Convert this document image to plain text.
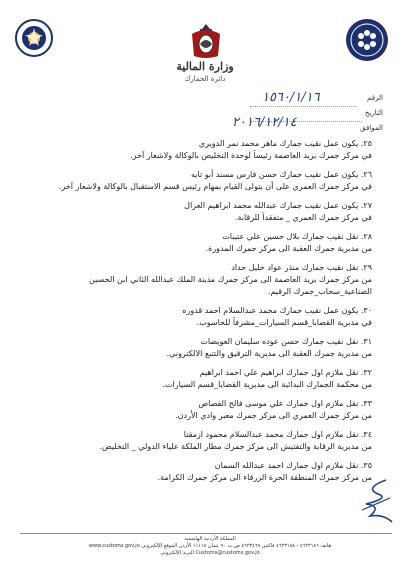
وزارة المالية
دائرة الجمارك
الرقم
التاريخ
الموافق
١٥٦٠/١/١٦
٢٠١٦/١٢/١٤
٢٥. يكون عمل نقيب جمارك ماهر محمد نمر الدويري
في مركز جمرك بريد العاصمة رئيساً لوحدة التخليص بالوكالة ولاشعار آخر.
٢٦. يكون عمل نقيب جمارك حسن فارس مسند أبو تايه
في مركز جمرك العمري على أن يتولى القيام بمهام رئيس قسم الاستقبال بالوكالة ولاشعار آخر.
٢٧. يكون عمل نقيب جمارك عبدالله محمد ابراهيم الغزال
في مركز جمرك العمري _ متفقداً للرقابة.
٢٨. نقل نقيب جمارك بلال حسين علي عتيبات
من مديرية جمرك العقبة الى مركز جمرك المدورة.
٢٩. نقل نقيب جمارك منذر عواد خليل حداد
من مركز جمرك بريد العاصمة الى مركز جمرك مدينة الملك عبدالله الثاني ابن الحسين الصناعية_سحاب_جمرك الرقيم.
٣٠. يكون عمل نقيب جمارك محمد عبدالسلام احمد قدوره
في مديرية القضايا_قسم السيارات_مشرفاً للحاسوب.
٣١. نقل نقيب جمارك حسن عوده سليمان العويضات
من مديرية جمرك العقبة الى مديرية الترفيق والتتبع الالكتروني.
٣٢. نقل ملازم اول جمارك ابراهيم علي احمد ابراهيم
من محكمة الجمارك البدائية الى مديرية القضايا_قسم السيارات.
٣٣. نقل ملازم اول جمارك علي موسى فالح القصاص
من مركز جمرك العمري الى مركز جمرك معبر وادي الأردن.
٣٤. نقل ملازم اول جمارك محمد عبدالسلام محمود ازمقنا
من مديرية الرقابة والتفتيش الى مركز جمرك مطار الملكة علياء الدولي _ التخليص.
٣٥. نقل ملازم اول جمارك احمد عبدالله السمان
من مركز جمرك المنطقة الحرة الزرقاء الى مركز جمرك الكرامة.
المملكة الأردنية الهاشمية
هاتف ٤٦٢٣١٨٦ - ٤٦٢٣١٨٨ فاكس ٤٦٢٣٤٦٩ ص.ب ٩٠ عمان ١١١١٨ الأردن الموقع الإلكتروني www.customs.gov.jo
Customs@customs.gov.jo البريد الإلكتروني
